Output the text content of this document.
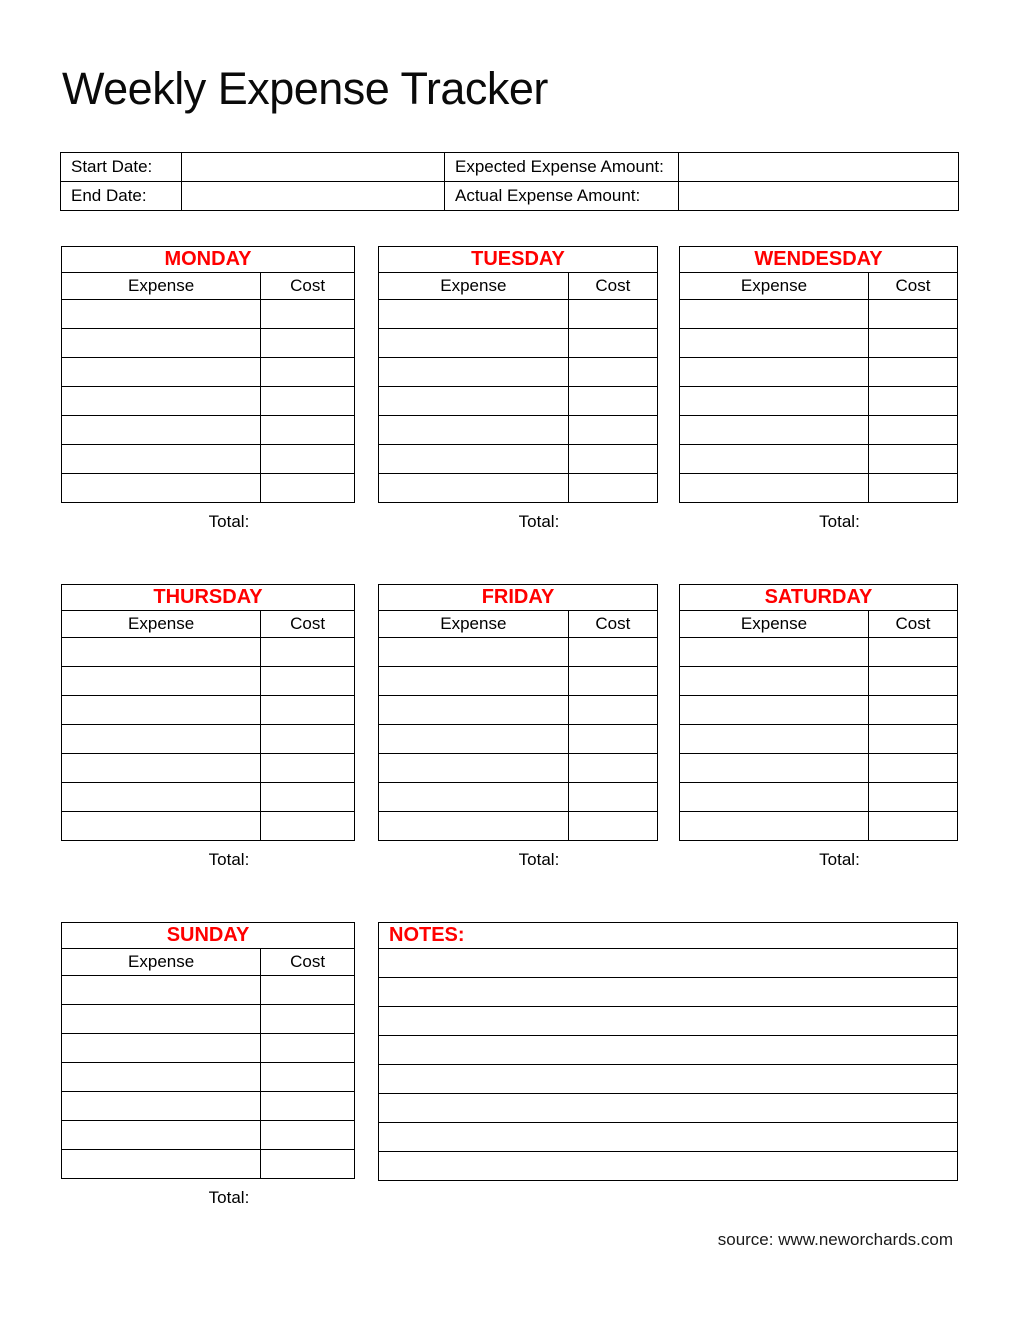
Weekly Expense Tracker
Start Date:		Expected Expense Amount:	
End Date:		Actual Expense Amount:	
MONDAY	
Expense	Cost

Total:
TUESDAY	
Expense	Cost

Total:
WENDESDAY	
Expense	Cost

Total:
THURSDAY	
Expense	Cost

Total:
FRIDAY	
Expense	Cost

Total:
SATURDAY	
Expense	Cost

Total:
SUNDAY	
Expense	Cost

Total:
NOTES:

source: www.neworchards.com
